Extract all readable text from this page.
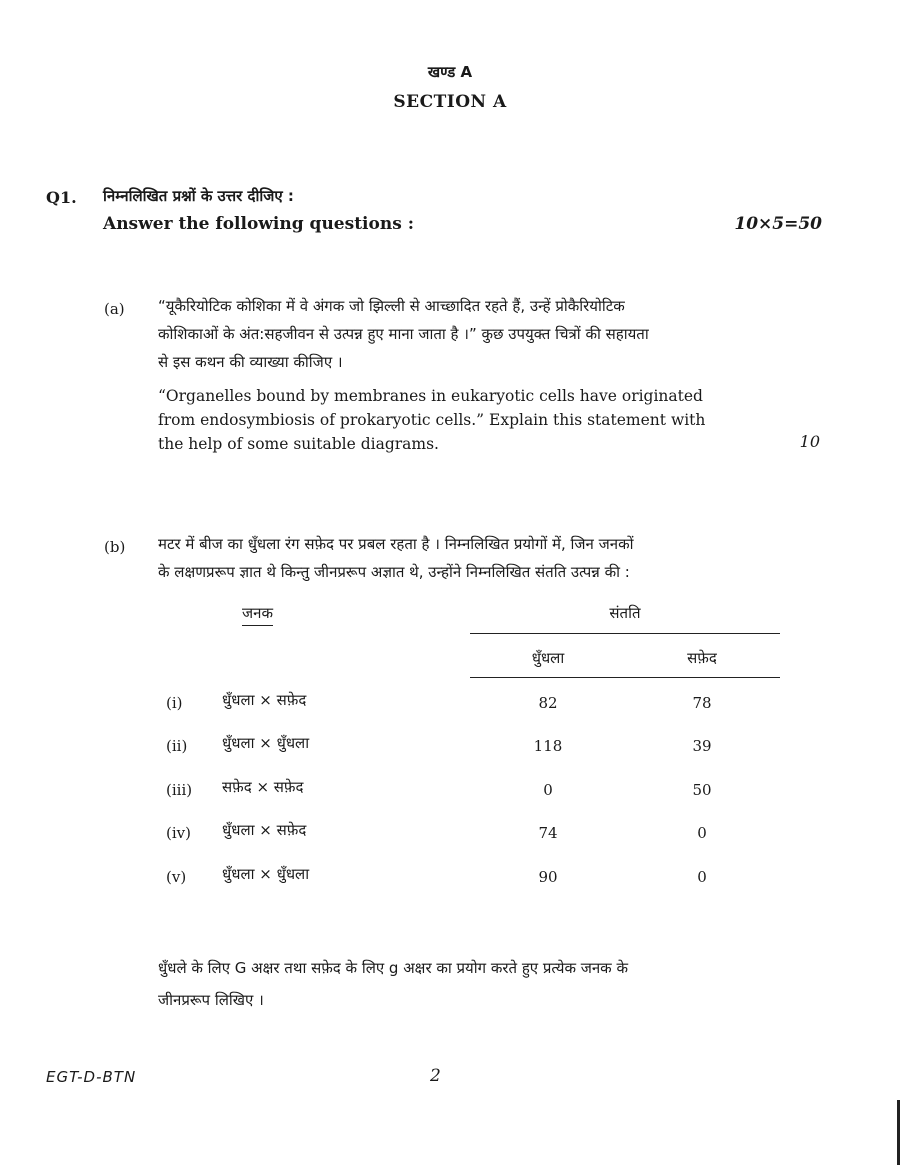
खण्ड A
SECTION A
Q1. निम्नलिखित प्रश्नों के उत्तर दीजिए :
Answer the following questions :	10×5=50
(a) “यूकैरियोटिक कोशिका में वे अंगक जो झिल्ली से आच्छादित रहते हैं, उन्हें प्रोकैरियोटिक
कोशिकाओं के अंत:सहजीवन से उत्पन्न हुए माना जाता है ।” कुछ उपयुक्त चित्रों की सहायता
से इस कथन की व्याख्या कीजिए ।
“Organelles bound by membranes in eukaryotic cells have originated
from endosymbiosis of prokaryotic cells.” Explain this statement with
the help of some suitable diagrams.	10
(b) मटर में बीज का धुँधला रंग सफ़ेद पर प्रबल रहता है । निम्नलिखित प्रयोगों में, जिन जनकों
के लक्षणप्ररूप ज्ञात थे किन्तु जीनप्ररूप अज्ञात थे, उन्होंने निम्नलिखित संतति उत्पन्न की :
जनक	संतति
धुँधला	सफ़ेद
(i)	धुँधला × सफ़ेद	82	78
(ii) धुँधला × धुँधला	118	39
(iii) सफ़ेद × सफ़ेद	0	50
(iv) धुँधला × सफ़ेद	74	0
(v) धुँधला × धुँधला	90	0
धुँधले के लिए G अक्षर तथा सफ़ेद के लिए g अक्षर का प्रयोग करते हुए प्रत्येक जनक के
जीनप्ररूप लिखिए ।
EGT-D-BTN	2
